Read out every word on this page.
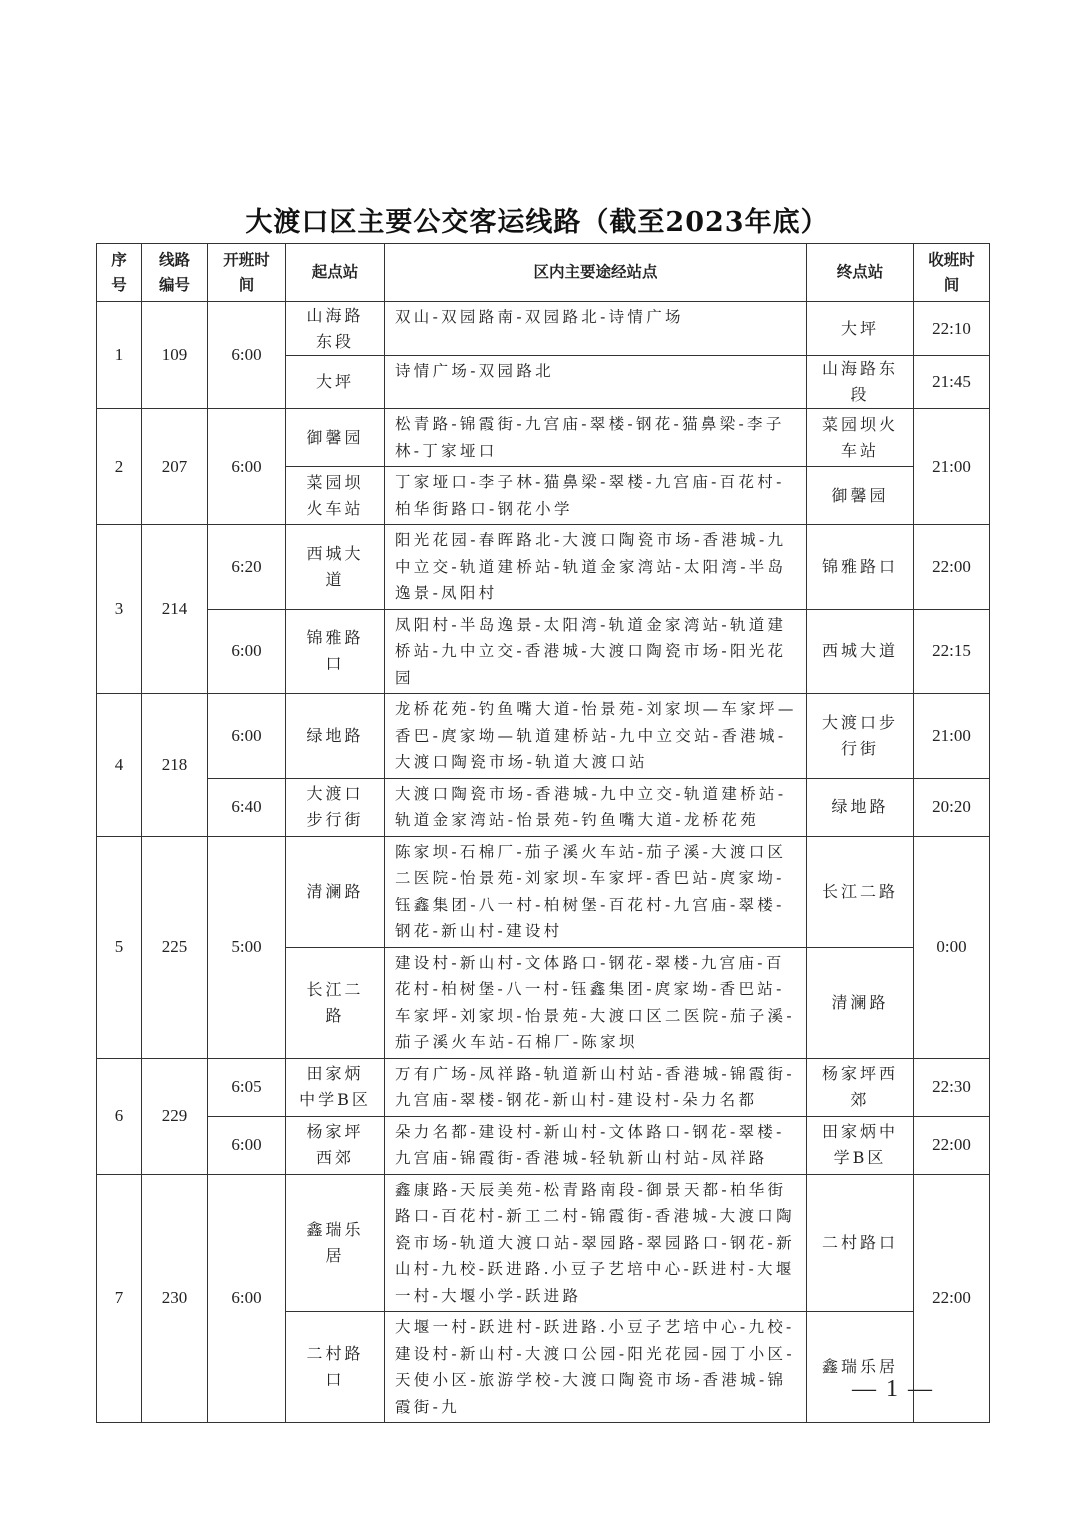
大渡口区主要公交客运线路（截至2023年底）
序号	线路编号	开班时间	起点站	区内主要途经站点	终点站	收班时间
1	109	6:00	山海路东段	双山-双园路南-双园路北-诗情广场	大坪	22:10
			大坪	诗情广场-双园路北	山海路东段	21:45
2	207	6:00	御馨园	松青路-锦霞街-九宫庙-翠楼-钢花-猫鼻梁-李子林-丁家垭口	菜园坝火车站	21:00
			菜园坝火车站	丁家垭口-李子林-猫鼻梁-翠楼-九宫庙-百花村-柏华街路口-钢花小学	御馨园	
3	214	6:20	西城大道	阳光花园-春晖路北-大渡口陶瓷市场-香港城-九中立交-轨道建桥站-轨道金家湾站-太阳湾-半岛逸景-凤阳村	锦雅路口	22:00
		6:00	锦雅路口	凤阳村-半岛逸景-太阳湾-轨道金家湾站-轨道建桥站-九中立交-香港城-大渡口陶瓷市场-阳光花园	西城大道	22:15
4	218	6:00	绿地路	龙桥花苑-钓鱼嘴大道-怡景苑-刘家坝—车家坪—香巴-庹家坳—轨道建桥站-九中立交站-香港城-大渡口陶瓷市场-轨道大渡口站	大渡口步行街	21:00
		6:40	大渡口步行街	大渡口陶瓷市场-香港城-九中立交-轨道建桥站-轨道金家湾站-怡景苑-钓鱼嘴大道-龙桥花苑	绿地路	20:20
5	225	5:00	清澜路	陈家坝-石棉厂-茄子溪火车站-茄子溪-大渡口区二医院-怡景苑-刘家坝-车家坪-香巴站-庹家坳-钰鑫集团-八一村-柏树堡-百花村-九宫庙-翠楼-钢花-新山村-建设村	长江二路	0:00
			长江二路	建设村-新山村-文体路口-钢花-翠楼-九宫庙-百花村-柏树堡-八一村-钰鑫集团-庹家坳-香巴站-车家坪-刘家坝-怡景苑-大渡口区二医院-茄子溪-茄子溪火车站-石棉厂-陈家坝	清澜路	
6	229	6:05	田家炳中学B区	万有广场-凤祥路-轨道新山村站-香港城-锦霞街-九宫庙-翠楼-钢花-新山村-建设村-朵力名都	杨家坪西郊	22:30
		6:00	杨家坪西郊	朵力名都-建设村-新山村-文体路口-钢花-翠楼-九宫庙-锦霞街-香港城-轻轨新山村站-凤祥路	田家炳中学B区	22:00
7	230	6:00	鑫瑞乐居	鑫康路-天辰美苑-松青路南段-御景天都-柏华街路口-百花村-新工二村-锦霞街-香港城-大渡口陶瓷市场-轨道大渡口站-翠园路-翠园路口-钢花-新山村-九校-跃进路.小豆子艺培中心-跃进村-大堰一村-大堰小学-跃进路	二村路口	22:00
			二村路口	大堰一村-跃进村-跃进路.小豆子艺培中心-九校-建设村-新山村-大渡口公园-阳光花园-园丁小区-天使小区-旅游学校-大渡口陶瓷市场-香港城-锦霞街-九	鑫瑞乐居	
— 1 —
